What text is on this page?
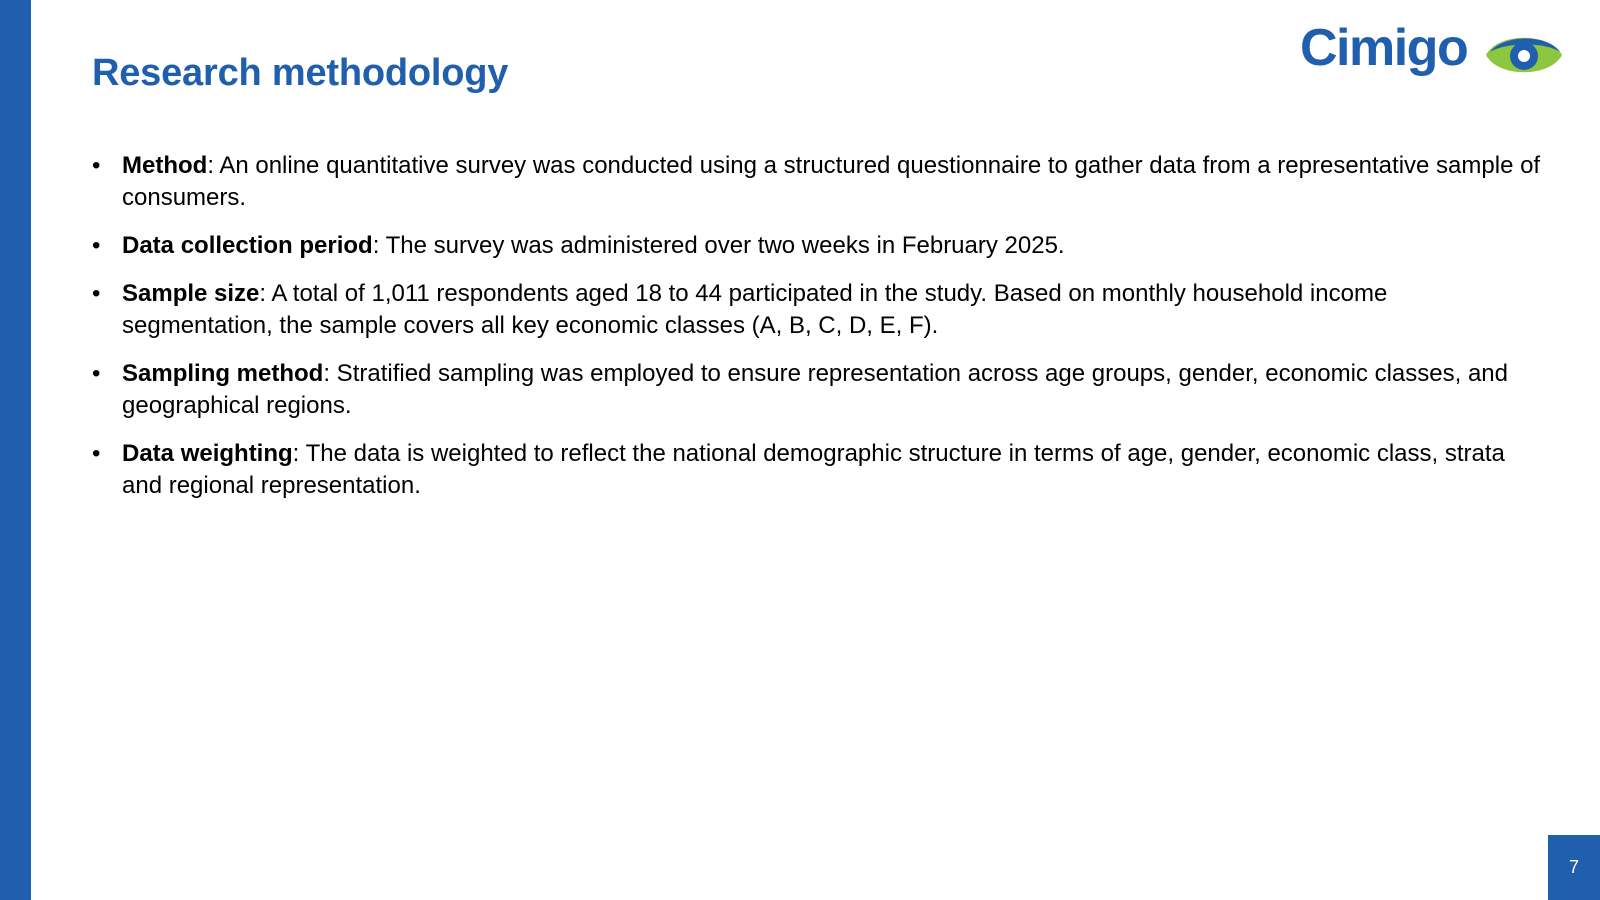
Research methodology	Cimigo
• Method: An online quantitative survey was conducted using a structured questionnaire to gather data from a representative sample of consumers.
• Data collection period: The survey was administered over two weeks in February 2025.
• Sample size: A total of 1,011 respondents aged 18 to 44 participated in the study. Based on monthly household income segmentation, the sample covers all key economic classes (A, B, C, D, E, F).
• Sampling method: Stratified sampling was employed to ensure representation across age groups, gender, economic classes, and geographical regions.
• Data weighting: The data is weighted to reflect the national demographic structure in terms of age, gender, economic class, strata and regional representation.
7
